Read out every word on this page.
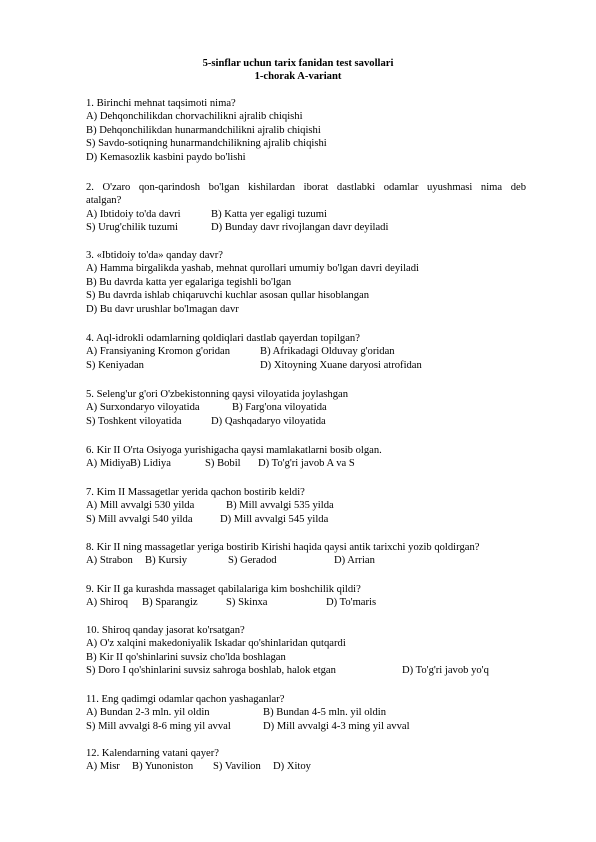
5-sinflar uchun tarix fanidan test savollari
1-chorak A-variant
1. Birinchi mehnat taqsimoti nima?
A) Dehqonchilikdan chorvachilikni ajralib chiqishi
B) Dehqonchilikdan hunarmandchilikni ajralib chiqishi
S) Savdo-sotiqning hunarmandchilikning ajralib chiqishi
D) Kemasozlik kasbini paydo bo'lishi
2. O'zaro qon-qarindosh bo'lgan kishilardan iborat dastlabki odamlar uyushmasi nima deb
atalgan?
A) Ibtidoiy to'da davri	B) Katta yer egaligi tuzumi
S) Urug'chilik tuzumi	D) Bunday davr rivojlangan davr deyiladi
3. «Ibtidoiy to'da» qanday davr?
A) Hamma birgalikda yashab, mehnat qurollari umumiy bo'lgan davri deyiladi
B) Bu davrda katta yer egalariga tegishli bo'lgan
S) Bu davrda ishlab chiqaruvchi kuchlar asosan qullar hisoblangan
D) Bu davr urushlar bo'lmagan davr
4. Aql-idrokli odamlarning qoldiqlari dastlab qayerdan topilgan?
A) Fransiyaning Kromon g'oridan	B) Afrikadagi Olduvay g'oridan
S) Keniyadan	D) Xitoyning Xuane daryosi atrofidan
5. Seleng'ur g'ori O'zbekistonning qaysi viloyatida joylashgan
A) Surxondaryo viloyatida	B) Farg'ona viloyatida
S) Toshkent viloyatida	D) Qashqadaryo viloyatida
6. Kir II O'rta Osiyoga yurishigacha qaysi mamlakatlarni bosib olgan.
A) Midiya B) Lidiya	S) Bobil D) To'g'ri javob A va S
7. Kim II Massagetlar yerida qachon bostirib keldi?
A) Mill avvalgi 530 yilda	B) Mill avvalgi 535 yilda
S) Mill avvalgi 540 yilda	D) Mill avvalgi 545 yilda
8. Kir II ning massagetlar yeriga bostirib Kirishi haqida qaysi antik tarixchi yozib qoldirgan?
A) Strabon B) Kursiy	S) Geradod	D) Arrian
9. Kir II ga kurashda massaget qabilalariga kim boshchilik qildi?
A) Shiroq B) Sparangiz	S) Skinxa	D) To'maris
10. Shiroq qanday jasorat ko'rsatgan?
A) O'z xalqini makedoniyalik Iskadar qo'shinlaridan qutqardi
B) Kir II qo'shinlarini suvsiz cho'lda boshlagan
S) Doro I qo'shinlarini suvsiz sahroga boshlab, halok etgan	D) To'g'ri javob yo'q
11. Eng qadimgi odamlar qachon yashaganlar?
A) Bundan 2-3 mln. yil oldin	B) Bundan 4-5 mln. yil oldin
S) Mill avvalgi 8-6 ming yil avval	D) Mill avvalgi 4-3 ming yil avval
12. Kalendarning vatani qayer?
A) Misr B) Yunoniston S) Vavilion D) Xitoy
